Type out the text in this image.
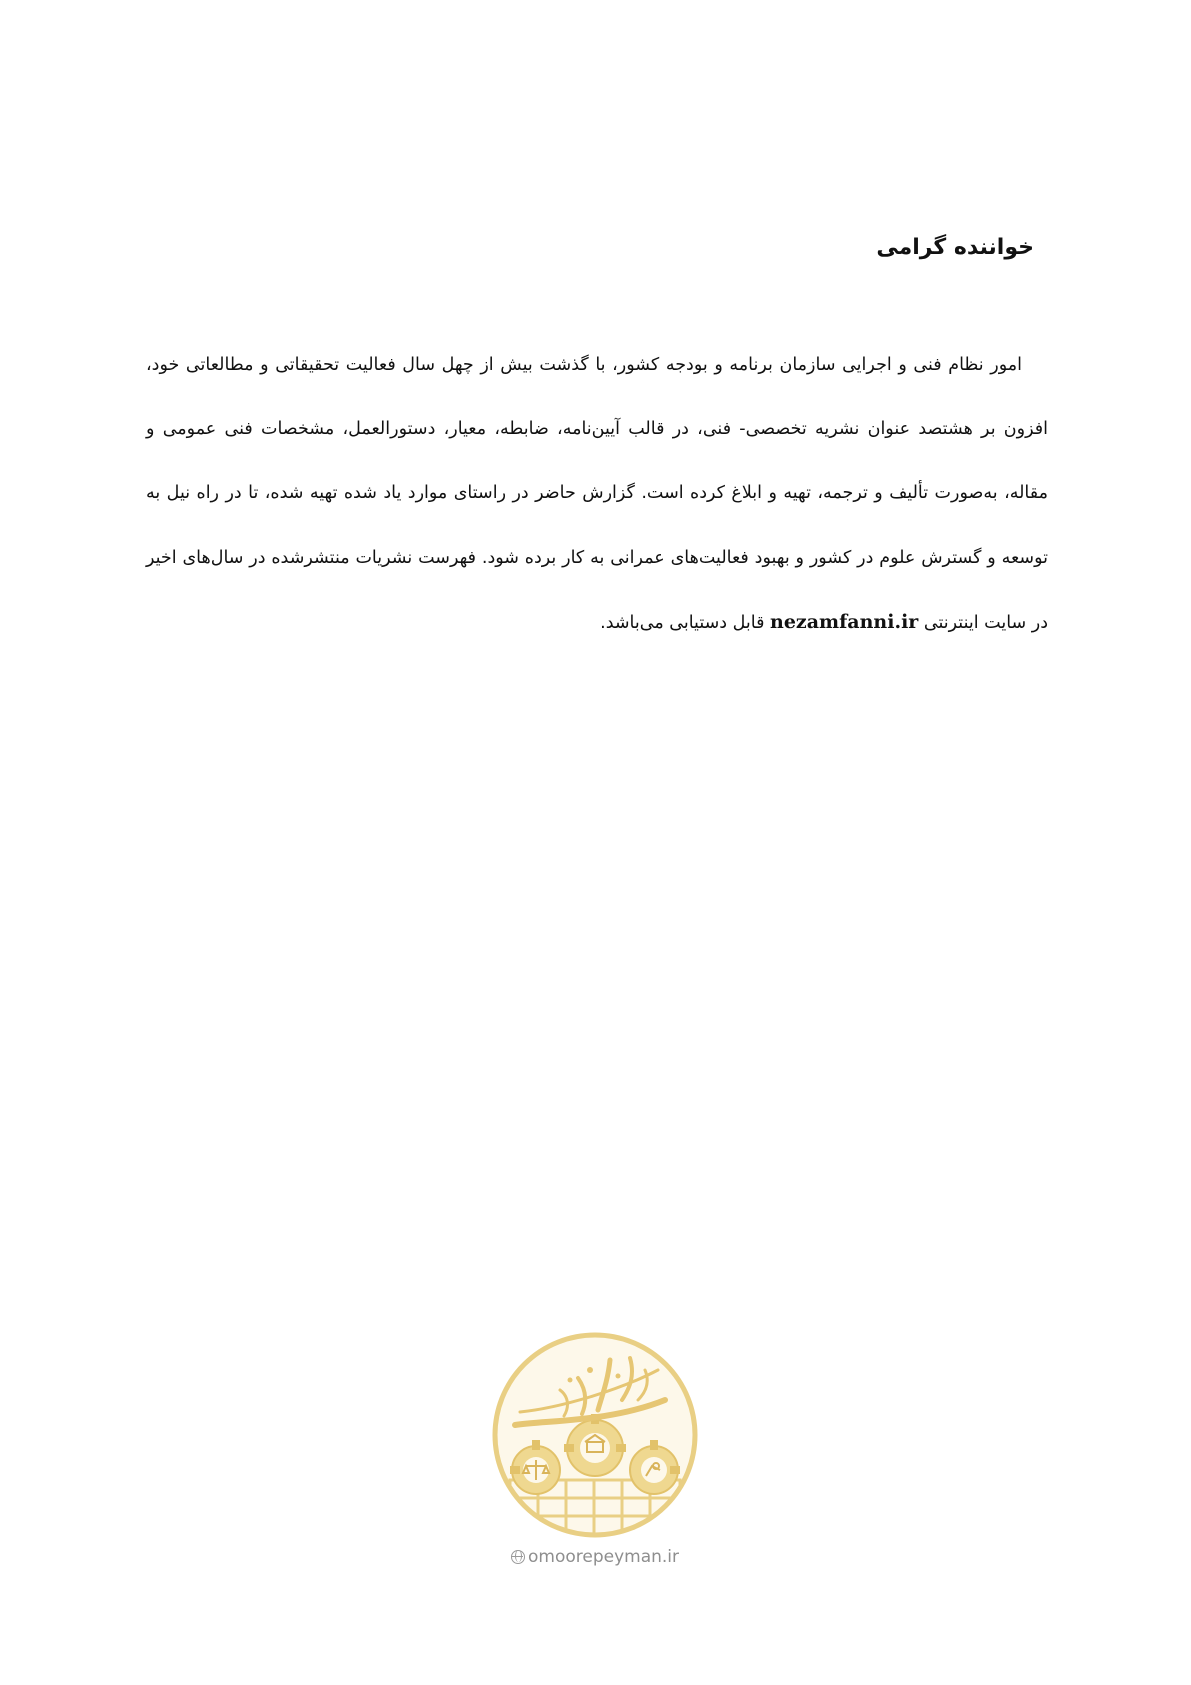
خواننده گرامی

امور نظام فنی و اجرایی سازمان برنامه و بودجه کشور، با گذشت بیش از چهل سال فعالیت تحقیقاتی و مطالعاتی خود، افزون بر هشتصد عنوان نشریه تخصصی- فنی، در قالب آیین‌نامه، ضابطه، معیار، دستورالعمل، مشخصات فنی عمومی و مقاله، به‌صورت تألیف و ترجمه، تهیه و ابلاغ کرده است. گزارش حاضر در راستای موارد یاد شده تهیه شده، تا در راه نیل به توسعه و گسترش علوم در کشور و بهبود فعالیت‌های عمرانی به کار برده شود. فهرست نشریات منتشرشده در سال‌های اخیر در سایت اینترنتی nezamfanni.ir قابل دستیابی می‌باشد.

omoorepeyman.ir
